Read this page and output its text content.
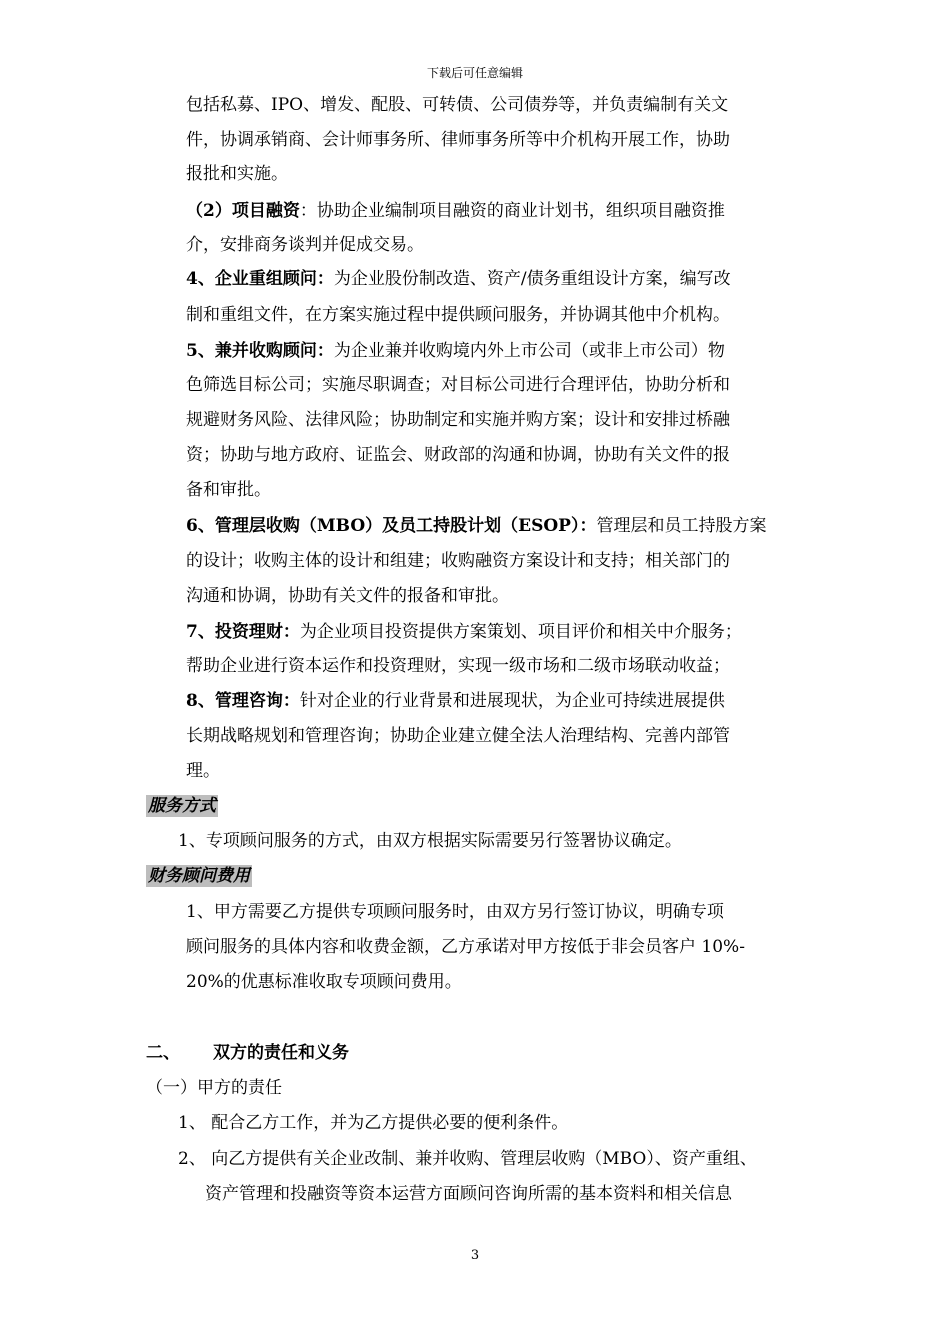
下载后可任意编辑
包括私募、IPO、增发、配股、可转债、公司债券等，并负责编制有关文
件，协调承销商、会计师事务所、律师事务所等中介机构开展工作，协助
报批和实施。
（2）项目融资：协助企业编制项目融资的商业计划书，组织项目融资推
介，安排商务谈判并促成交易。
4、企业重组顾问：为企业股份制改造、资产/债务重组设计方案，编写改
制和重组文件，在方案实施过程中提供顾问服务，并协调其他中介机构。
5、兼并收购顾问：为企业兼并收购境内外上市公司（或非上市公司）物
色筛选目标公司；实施尽职调查；对目标公司进行合理评估，协助分析和
规避财务风险、法律风险；协助制定和实施并购方案；设计和安排过桥融
资；协助与地方政府、证监会、财政部的沟通和协调，协助有关文件的报
备和审批。
6、管理层收购（MBO）及员工持股计划（ESOP）：管理层和员工持股方案
的设计；收购主体的设计和组建；收购融资方案设计和支持；相关部门的
沟通和协调，协助有关文件的报备和审批。
7、投资理财：为企业项目投资提供方案策划、项目评价和相关中介服务；
帮助企业进行资本运作和投资理财，实现一级市场和二级市场联动收益；
8、管理咨询：针对企业的行业背景和进展现状，为企业可持续进展提供
长期战略规划和管理咨询；协助企业建立健全法人治理结构、完善内部管
理。
服务方式
1、专项顾问服务的方式，由双方根据实际需要另行签署协议确定。
财务顾问费用
1、甲方需要乙方提供专项顾问服务时，由双方另行签订协议，明确专项
顾问服务的具体内容和收费金额，乙方承诺对甲方按低于非会员客户 10%-
20%的优惠标准收取专项顾问费用。
二、 双方的责任和义务
（一）甲方的责任
1、 配合乙方工作，并为乙方提供必要的便利条件。
2、 向乙方提供有关企业改制、兼并收购、管理层收购（MBO）、资产重组、
资产管理和投融资等资本运营方面顾问咨询所需的基本资料和相关信息
3
